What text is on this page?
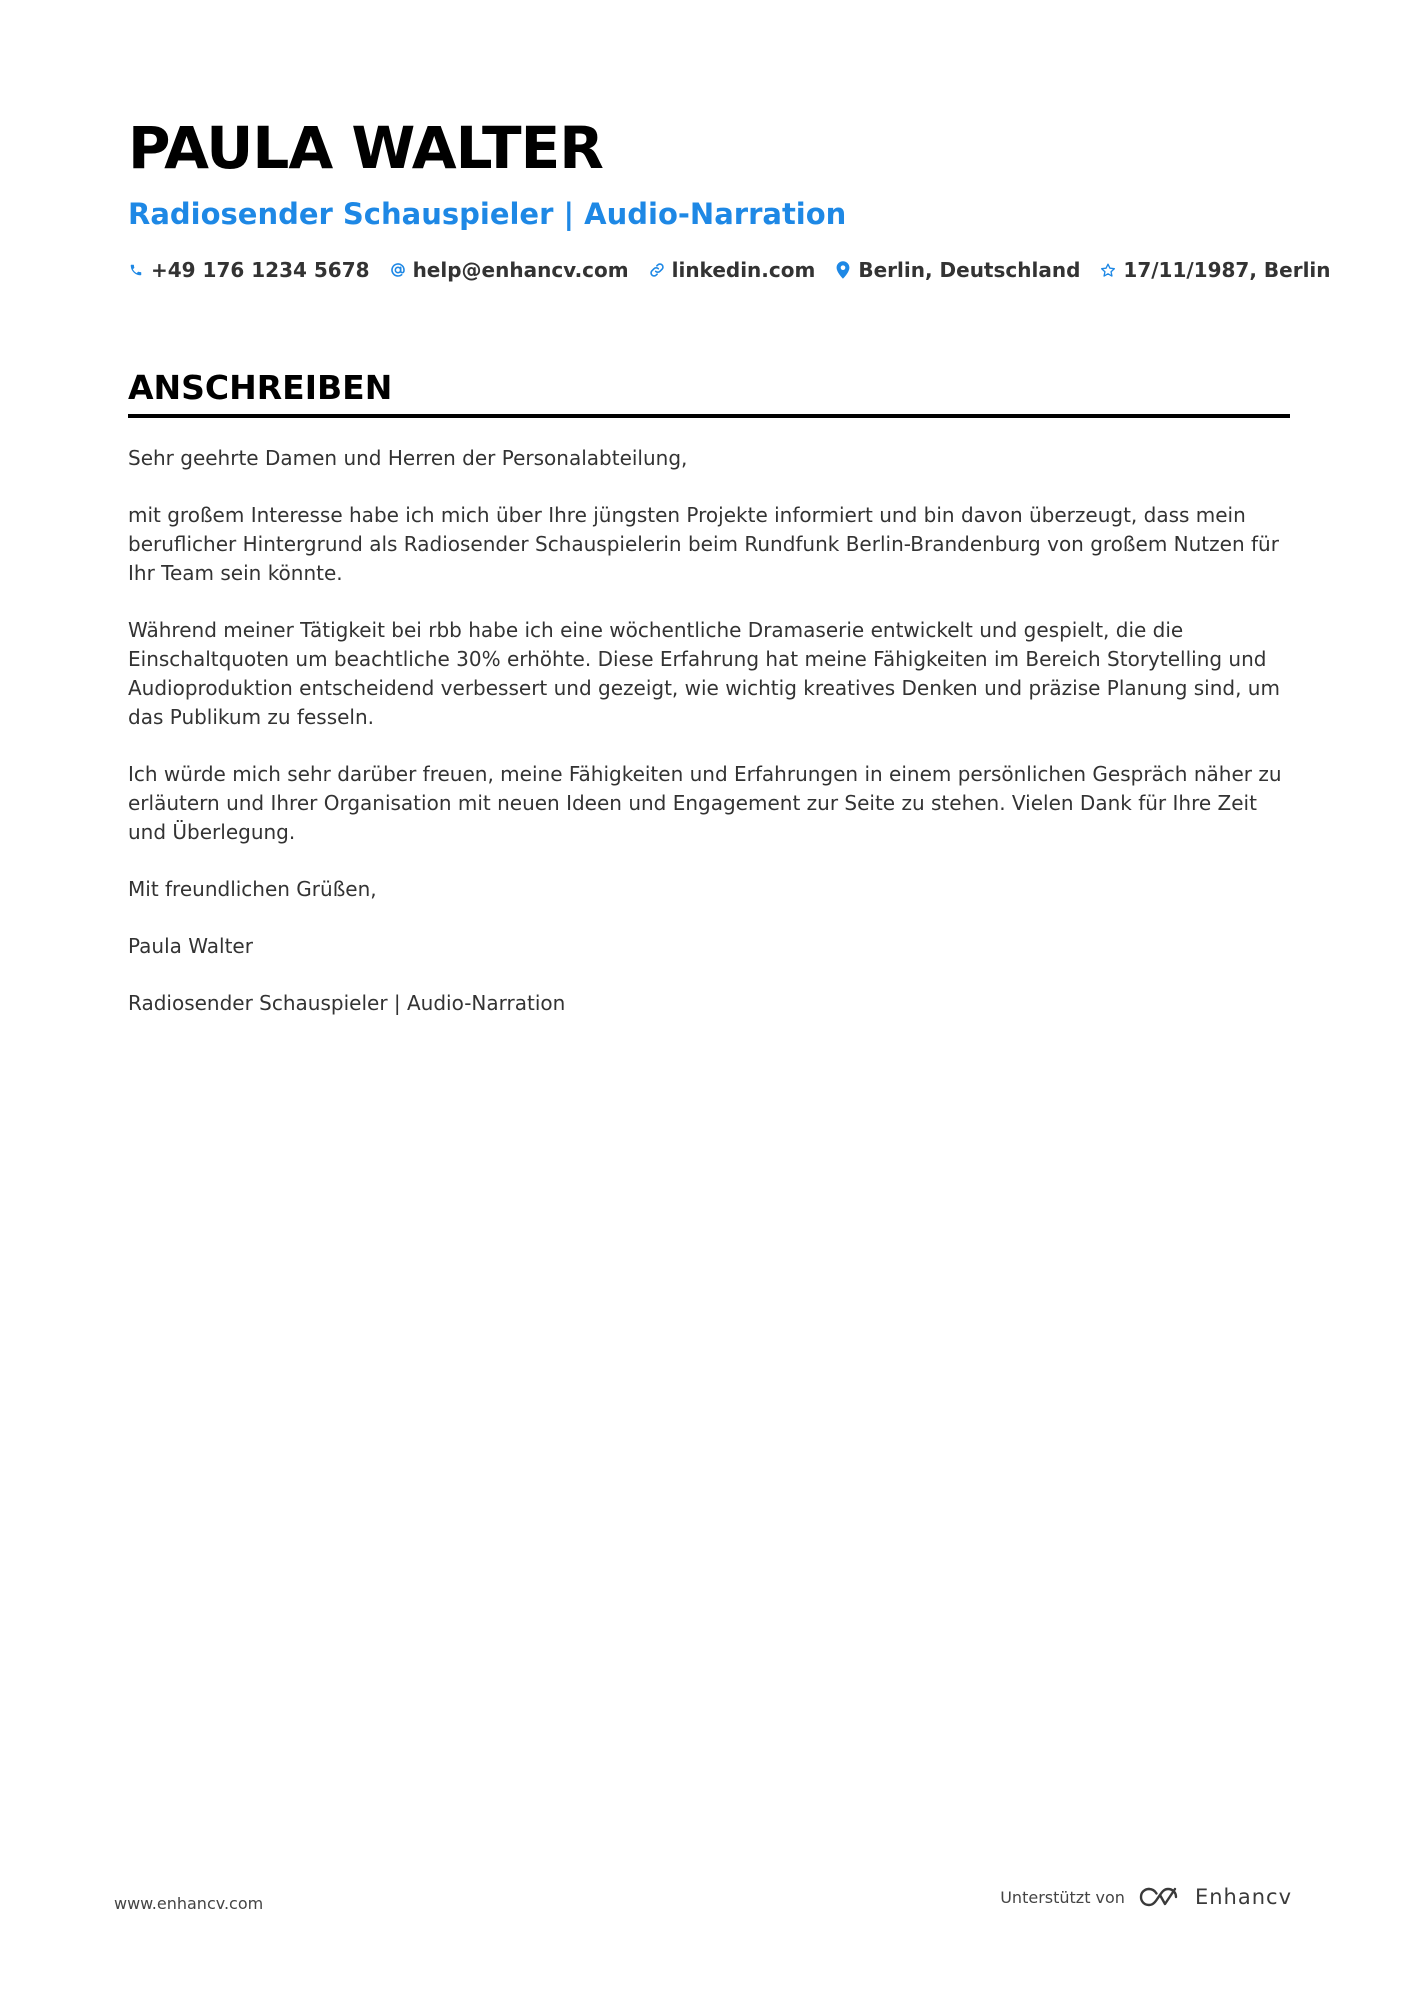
PAULA WALTER
Radiosender Schauspieler | Audio-Narration
+49 176 1234 5678 help@enhancv.com linkedin.com Berlin, Deutschland 17/11/1987, Berlin
ANSCHREIBEN

Sehr geehrte Damen und Herren der Personalabteilung,

mit großem Interesse habe ich mich über Ihre jüngsten Projekte informiert und bin davon überzeugt, dass mein beruflicher Hintergrund als Radiosender Schauspielerin beim Rundfunk Berlin-Brandenburg von großem Nutzen für Ihr Team sein könnte.

Während meiner Tätigkeit bei rbb habe ich eine wöchentliche Dramaserie entwickelt und gespielt, die die Einschaltquoten um beachtliche 30% erhöhte. Diese Erfahrung hat meine Fähigkeiten im Bereich Storytelling und Audioproduktion entscheidend verbessert und gezeigt, wie wichtig kreatives Denken und präzise Planung sind, um das Publikum zu fesseln.

Ich würde mich sehr darüber freuen, meine Fähigkeiten und Erfahrungen in einem persönlichen Gespräch näher zu erläutern und Ihrer Organisation mit neuen Ideen und Engagement zur Seite zu stehen. Vielen Dank für Ihre Zeit und Überlegung.

Mit freundlichen Grüßen,

Paula Walter

Radiosender Schauspieler | Audio-Narration

www.enhancv.com	Unterstützt von	Enhancv
